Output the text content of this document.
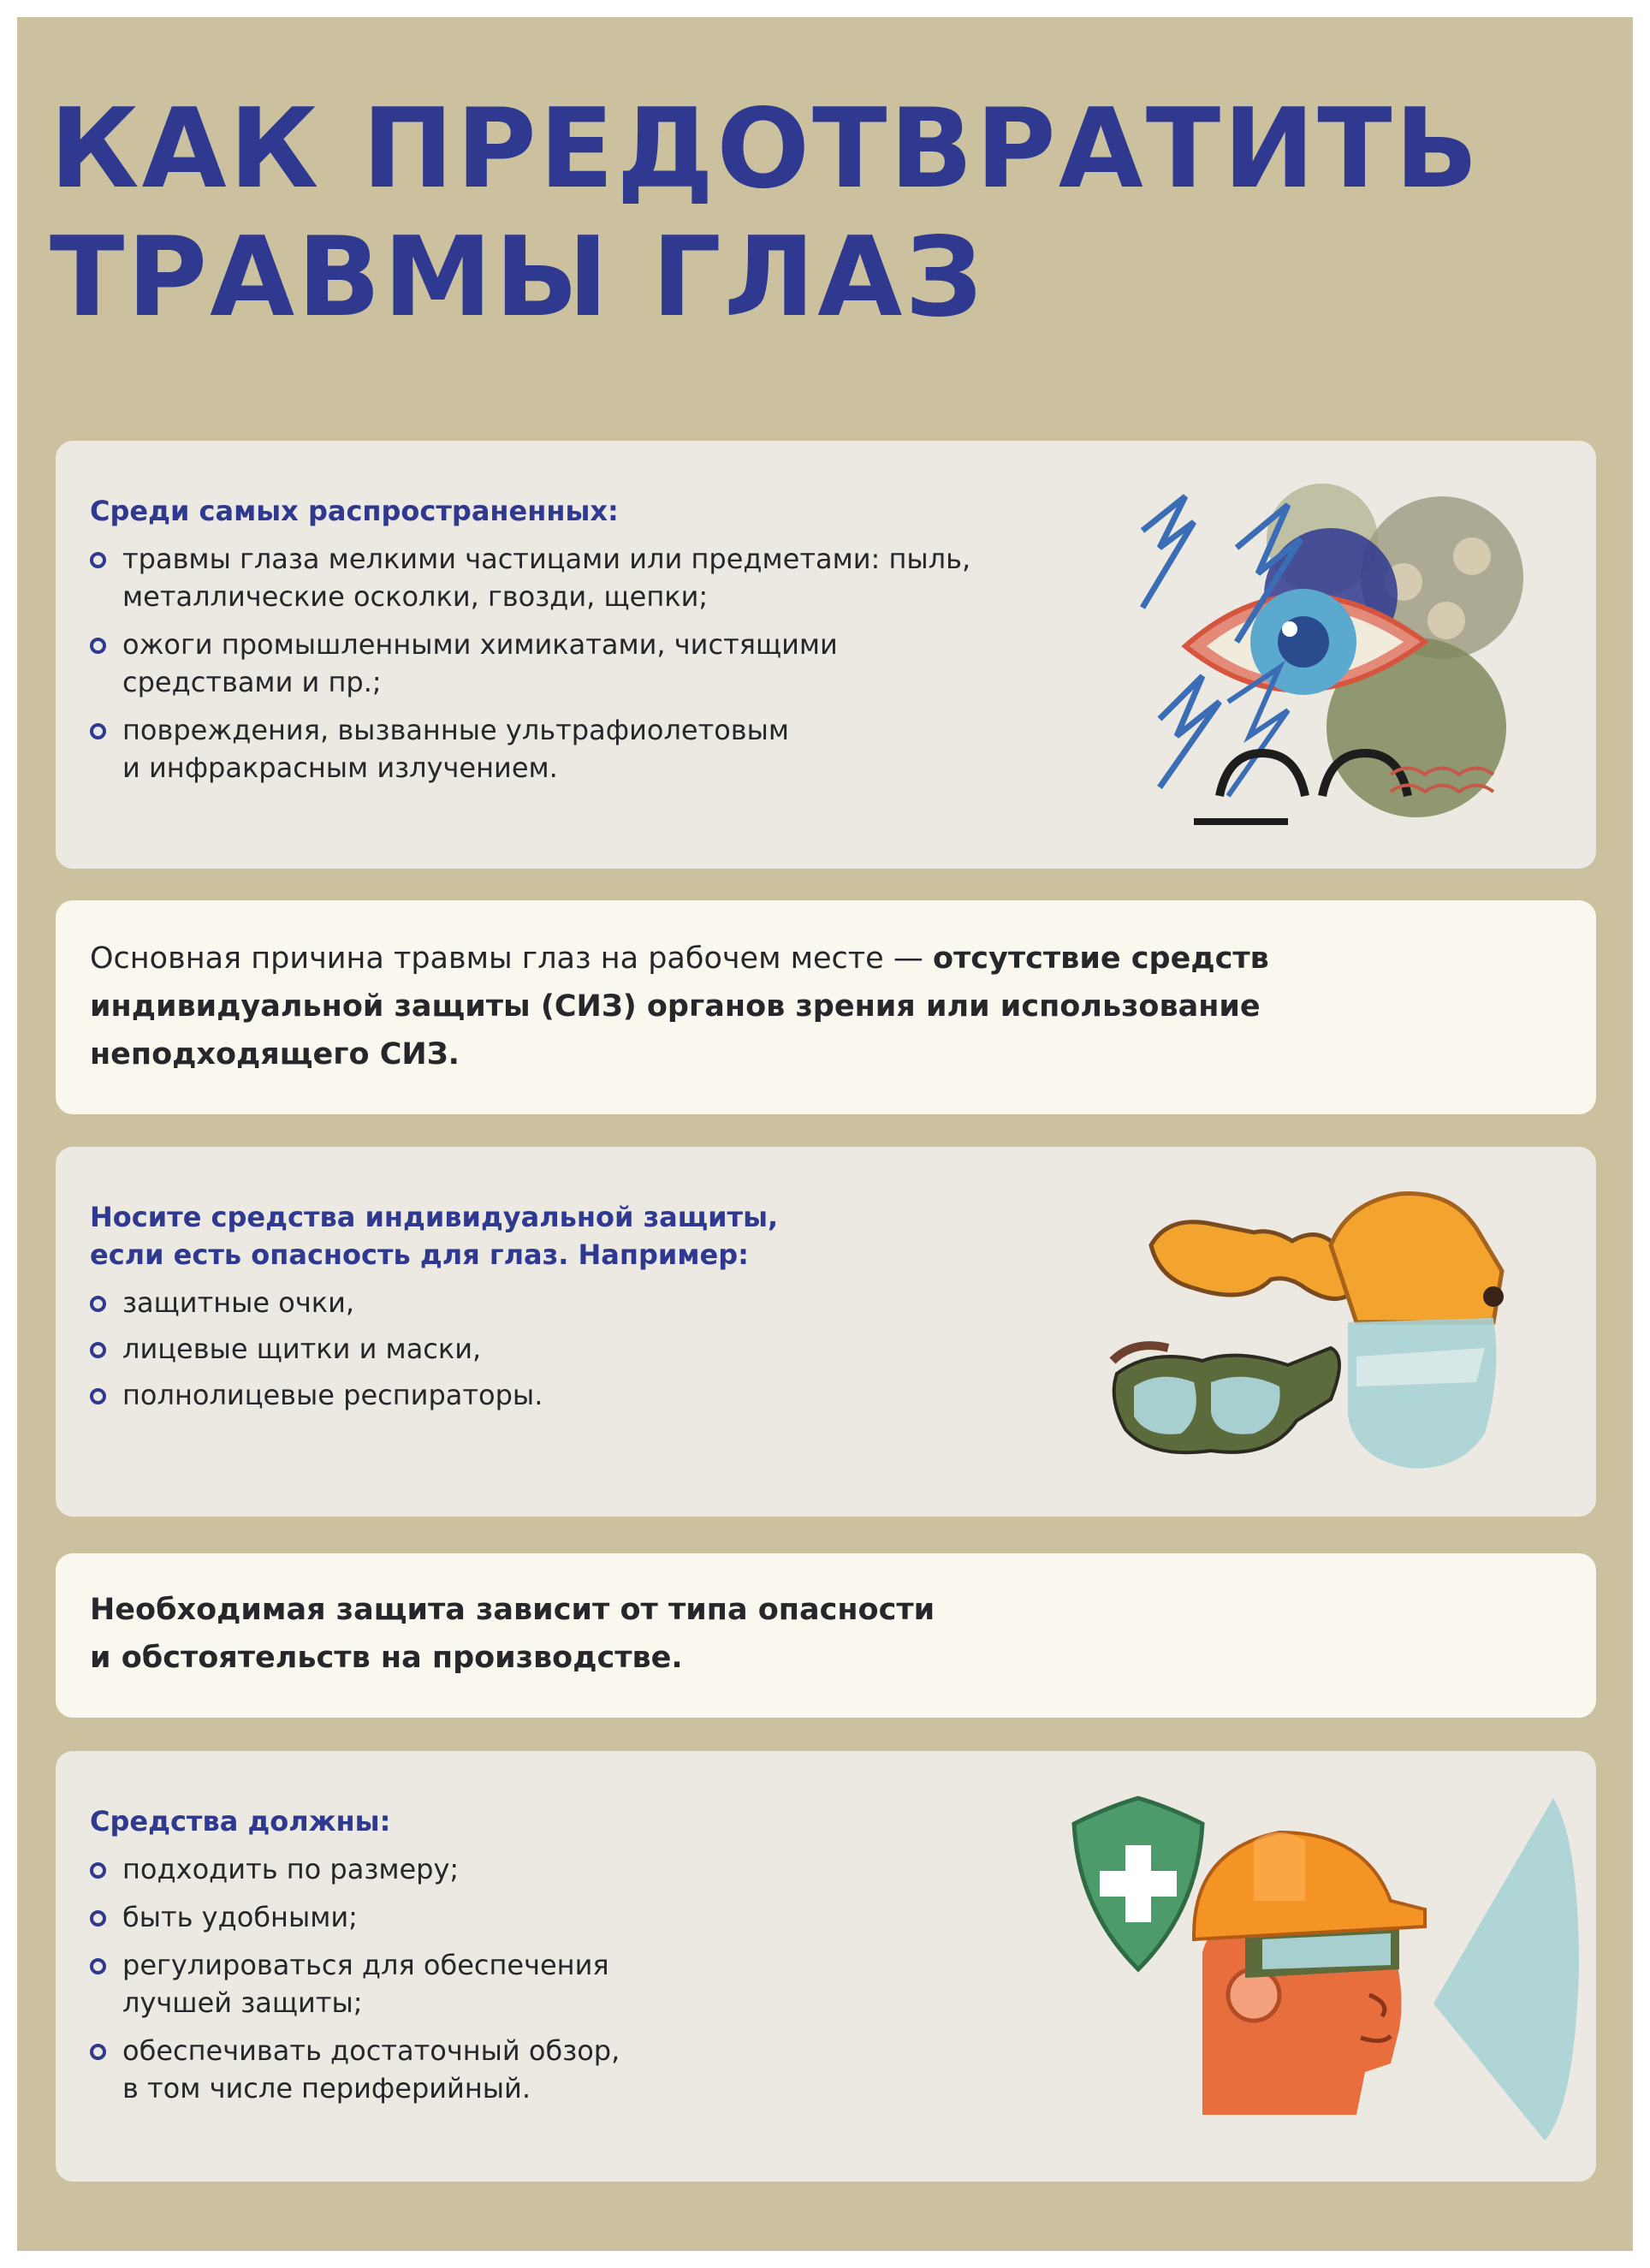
КАК ПРЕДОТВРАТИТЬ
ТРАВМЫ ГЛАЗ
Среди самых распространенных:
травмы глаза мелкими частицами или предметами: пыль,
металлические осколки, гвозди, щепки;
ожоги промышленными химикатами, чистящими
средствами и пр.;
повреждения, вызванные ультрафиолетовым
и инфракрасным излучением.
Основная причина травмы глаз на рабочем месте — отсутствие средств индивидуальной защиты (СИЗ) органов зрения или использование неподходящего СИЗ.
Носите средства индивидуальной защиты,
если есть опасность для глаз. Например:
защитные очки,
лицевые щитки и маски,
полнолицевые респираторы.
Необходимая защита зависит от типа опасности
и обстоятельств на производстве.
Средства должны:
подходить по размеру;
быть удобными;
регулироваться для обеспечения
лучшей защиты;
обеспечивать достаточный обзор,
в том числе периферийный.
